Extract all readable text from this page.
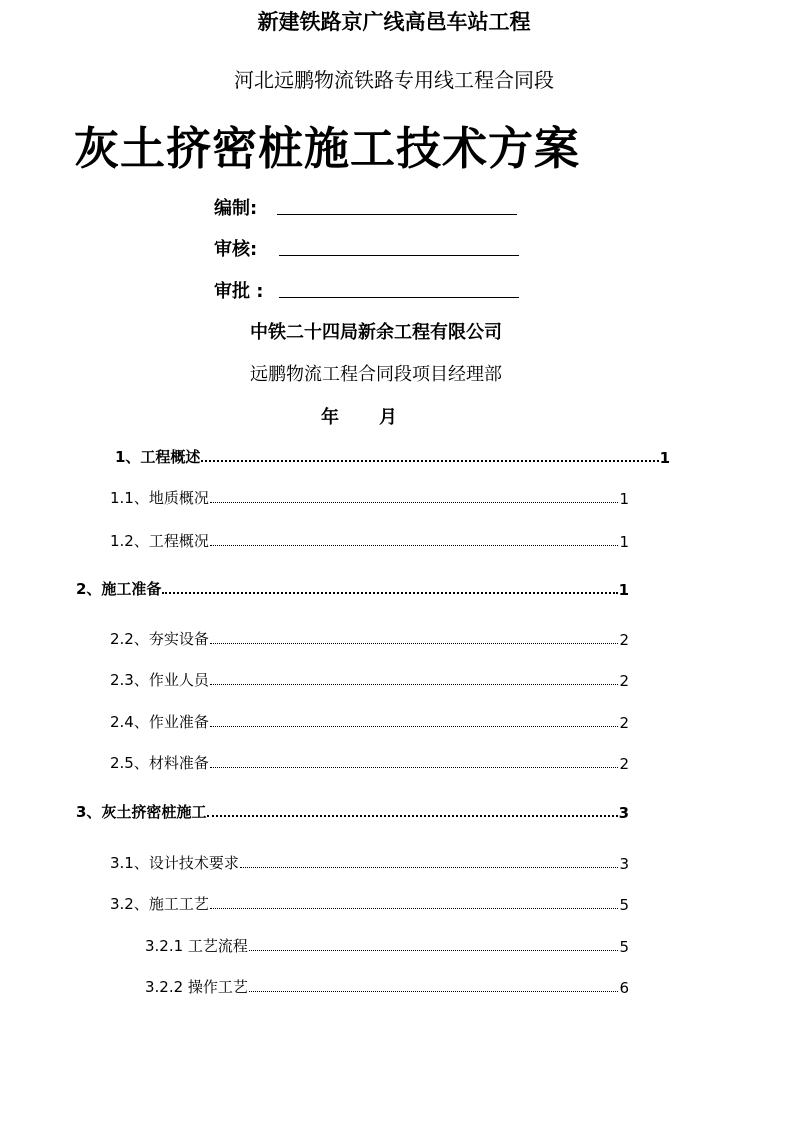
新建铁路京广线高邑车站工程
河北远鹏物流铁路专用线工程合同段
灰土挤密桩施工技术方案
编制:
审核:
审批 :
中铁二十四局新余工程有限公司
远鹏物流工程合同段项目经理部
年 月
1、工程概述	1
1.1、地质概况	1
1.2、工程概况	1
2、施工准备	1
2.2、夯实设备	2
2.3、作业人员	2
2.4、作业准备	2
2.5、材料准备	2
3、灰土挤密桩施工	3
3.1、设计技术要求	3
3.2、施工工艺	5
3.2.1 工艺流程	5
3.2.2 操作工艺	6
